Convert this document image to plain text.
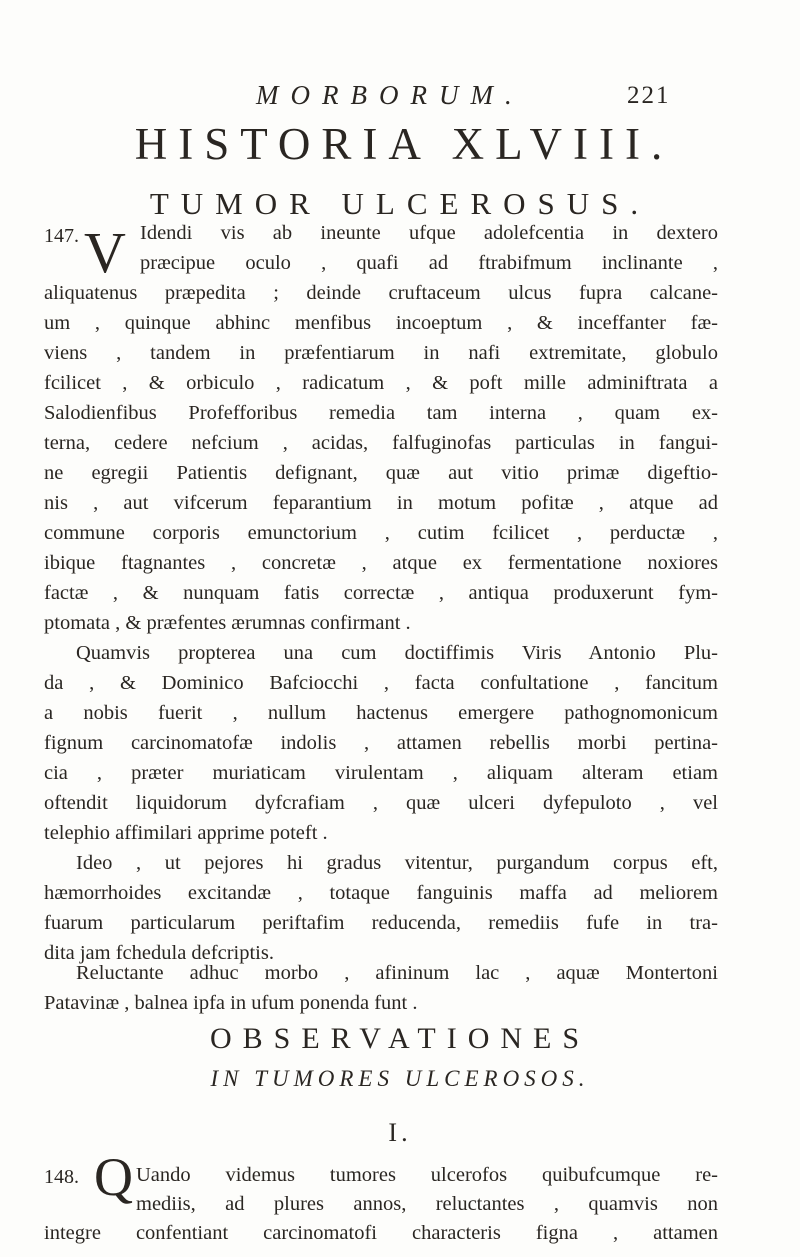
MORBORUM.	221
HISTORIA XLVIII.
TUMOR ULCEROSUS.
147. V Idendi vis ab ineunte ufque adolefcentia in dextero
præcipue oculo , quafi ad ftrabifmum inclinante ,
aliquatenus præpedita ; deinde cruftaceum ulcus fupra calcane-
um , quinque abhinc menfibus incoeptum , & inceffanter fæ-
viens , tandem in præfentiarum in nafi extremitate, globulo
fcilicet , & orbiculo , radicatum , & poft mille adminiftrata a
Salodienfibus Profefforibus remedia tam interna , quam ex-
terna, cedere nefcium , acidas, falfuginofas particulas in fangui-
ne egregii Patientis defignant, quæ aut vitio primæ digeftio-
nis , aut vifcerum feparantium in motum pofitæ , atque ad
commune corporis emunctorium , cutim fcilicet , perductæ ,
ibique ftagnantes , concretæ , atque ex fermentatione noxiores
factæ , & nunquam fatis correctæ , antiqua produxerunt fym-
ptomata , & præfentes ærumnas confirmant .
Quamvis propterea una cum doctiffimis Viris Antonio Plu-
da , & Dominico Bafciocchi , facta confultatione , fancitum
a nobis fuerit , nullum hactenus emergere pathognomonicum
fignum carcinomatofæ indolis , attamen rebellis morbi pertina-
cia , præter muriaticam virulentam , aliquam alteram etiam
oftendit liquidorum dyfcrafiam , quæ ulceri dyfepuloto , vel
telephio affimilari apprime poteft .
Ideo , ut pejores hi gradus vitentur, purgandum corpus eft,
hæmorrhoides excitandæ , totaque fanguinis maffa ad meliorem
fuarum particularum periftafim reducenda, remediis fufe in tra-
dita jam fchedula defcriptis.
Reluctante adhuc morbo , afininum lac , aquæ Montertoni
Patavinæ , balnea ipfa in ufum ponenda funt .
OBSERVATIONES
IN TUMORES ULCEROSOS.
I.
148. Q Uando videmus tumores ulcerofos quibufcumque re-
mediis, ad plures annos, reluctantes , quamvis non
integre confentiant carcinomatofi characteris figna , attamen
